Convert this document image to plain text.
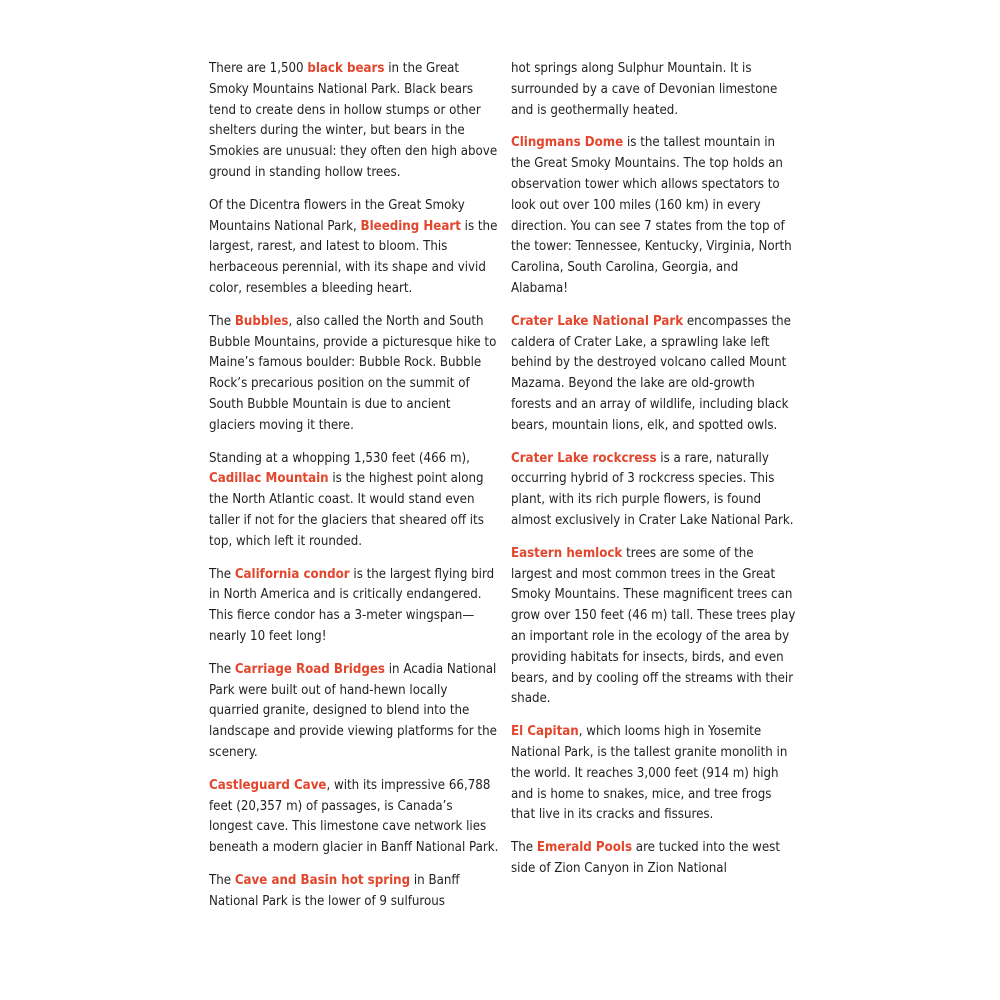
There are 1,500 black bears in the Great Smoky Mountains National Park. Black bears tend to create dens in hollow stumps or other shelters during the winter, but bears in the Smokies are unusual: they often den high above ground in standing hollow trees.

Of the Dicentra flowers in the Great Smoky Mountains National Park, Bleeding Heart is the largest, rarest, and latest to bloom. This herbaceous perennial, with its shape and vivid color, resembles a bleeding heart.

The Bubbles, also called the North and South Bubble Mountains, provide a picturesque hike to Maine’s famous boulder: Bubble Rock. Bubble Rock’s precarious position on the summit of South Bubble Mountain is due to ancient glaciers moving it there.

Standing at a whopping 1,530 feet (466 m), Cadillac Mountain is the highest point along the North Atlantic coast. It would stand even taller if not for the glaciers that sheared off its top, which left it rounded.

The California condor is the largest flying bird in North America and is critically endangered. This fierce condor has a 3-meter wingspan—nearly 10 feet long!

The Carriage Road Bridges in Acadia National Park were built out of hand-hewn locally quarried granite, designed to blend into the landscape and provide viewing platforms for the scenery.

Castleguard Cave, with its impressive 66,788 feet (20,357 m) of passages, is Canada’s longest cave. This limestone cave network lies beneath a modern glacier in Banff National Park.

The Cave and Basin hot spring in Banff National Park is the lower of 9 sulfurous

hot springs along Sulphur Mountain. It is surrounded by a cave of Devonian limestone and is geothermally heated.

Clingmans Dome is the tallest mountain in the Great Smoky Mountains. The top holds an observation tower which allows spectators to look out over 100 miles (160 km) in every direction. You can see 7 states from the top of the tower: Tennessee, Kentucky, Virginia, North Carolina, South Carolina, Georgia, and Alabama!

Crater Lake National Park encompasses the caldera of Crater Lake, a sprawling lake left behind by the destroyed volcano called Mount Mazama. Beyond the lake are old-growth forests and an array of wildlife, including black bears, mountain lions, elk, and spotted owls.

Crater Lake rockcress is a rare, naturally occurring hybrid of 3 rockcress species. This plant, with its rich purple flowers, is found almost exclusively in Crater Lake National Park.

Eastern hemlock trees are some of the largest and most common trees in the Great Smoky Mountains. These magnificent trees can grow over 150 feet (46 m) tall. These trees play an important role in the ecology of the area by providing habitats for insects, birds, and even bears, and by cooling off the streams with their shade.

El Capitan, which looms high in Yosemite National Park, is the tallest granite monolith in the world. It reaches 3,000 feet (914 m) high and is home to snakes, mice, and tree frogs that live in its cracks and fissures.

The Emerald Pools are tucked into the west side of Zion Canyon in Zion National
